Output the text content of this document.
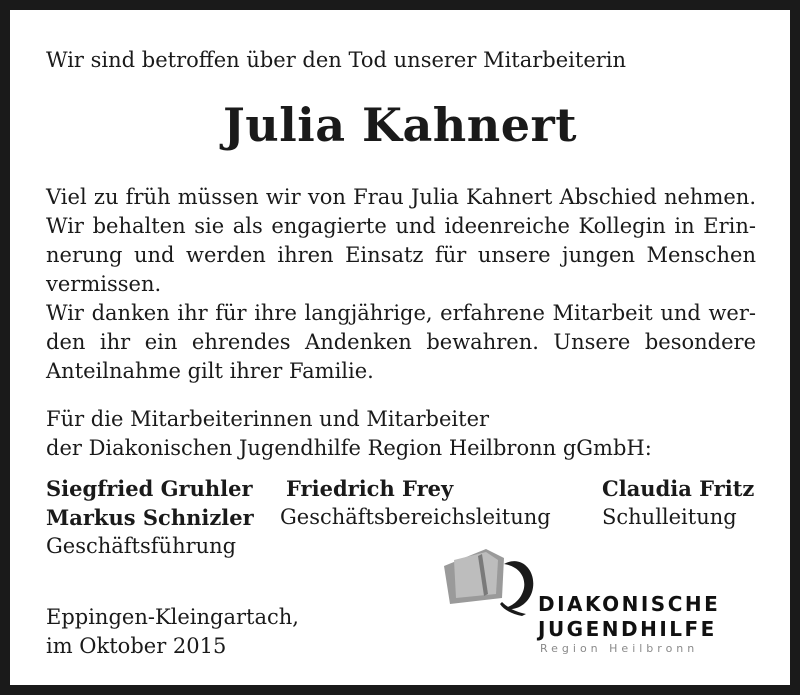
Wir sind betroffen über den Tod unserer Mitarbeiterin
Julia Kahnert
Viel zu früh müssen wir von Frau Julia Kahnert Abschied nehmen.
Wir behalten sie als engagierte und ideenreiche Kollegin in Erin-
nerung und werden ihren Einsatz für unsere jungen Menschen
vermissen.
Wir danken ihr für ihre langjährige, erfahrene Mitarbeit und wer-
den ihr ein ehrendes Andenken bewahren. Unsere besondere
Anteilnahme gilt ihrer Familie.
Für die Mitarbeiterinnen und Mitarbeiter
der Diakonischen Jugendhilfe Region Heilbronn gGmbH:
Siegfried Gruhler
Markus Schnizler
Geschäftsführung
Friedrich Frey
Geschäftsbereichsleitung
Claudia Fritz
Schulleitung
Eppingen-Kleingartach,
im Oktober 2015
DIAKONISCHE
JUGENDHILFE
Region Heilbronn
